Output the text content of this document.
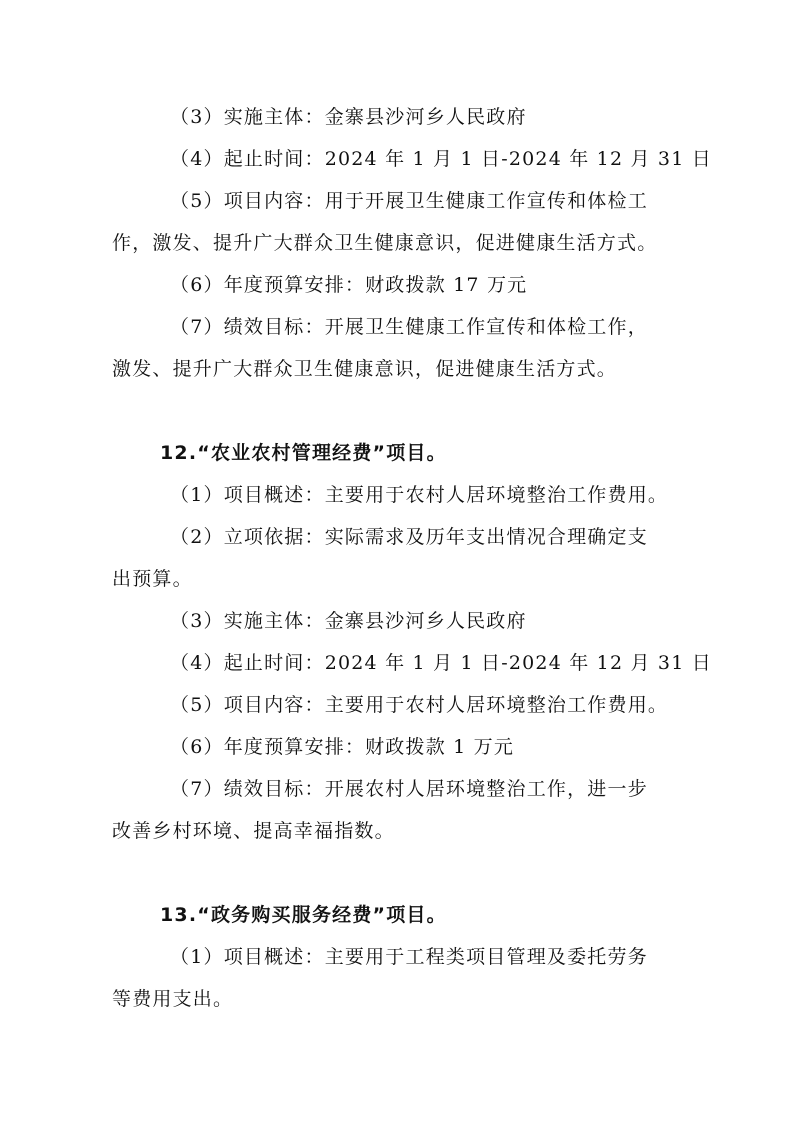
（3）实施主体：金寨县沙河乡人民政府
（4）起止时间：2024 年 1 月 1 日-2024 年 12 月 31 日
（5）项目内容：用于开展卫生健康工作宣传和体检工
作，激发、提升广大群众卫生健康意识，促进健康生活方式。
（6）年度预算安排：财政拨款 17 万元
（7）绩效目标：开展卫生健康工作宣传和体检工作，
激发、提升广大群众卫生健康意识，促进健康生活方式。
12.“农业农村管理经费”项目。
（1）项目概述：主要用于农村人居环境整治工作费用。
（2）立项依据：实际需求及历年支出情况合理确定支
出预算。
（3）实施主体：金寨县沙河乡人民政府
（4）起止时间：2024 年 1 月 1 日-2024 年 12 月 31 日
（5）项目内容：主要用于农村人居环境整治工作费用。
（6）年度预算安排：财政拨款 1 万元
（7）绩效目标：开展农村人居环境整治工作，进一步
改善乡村环境、提高幸福指数。
13.“政务购买服务经费”项目。
（1）项目概述：主要用于工程类项目管理及委托劳务
等费用支出。
